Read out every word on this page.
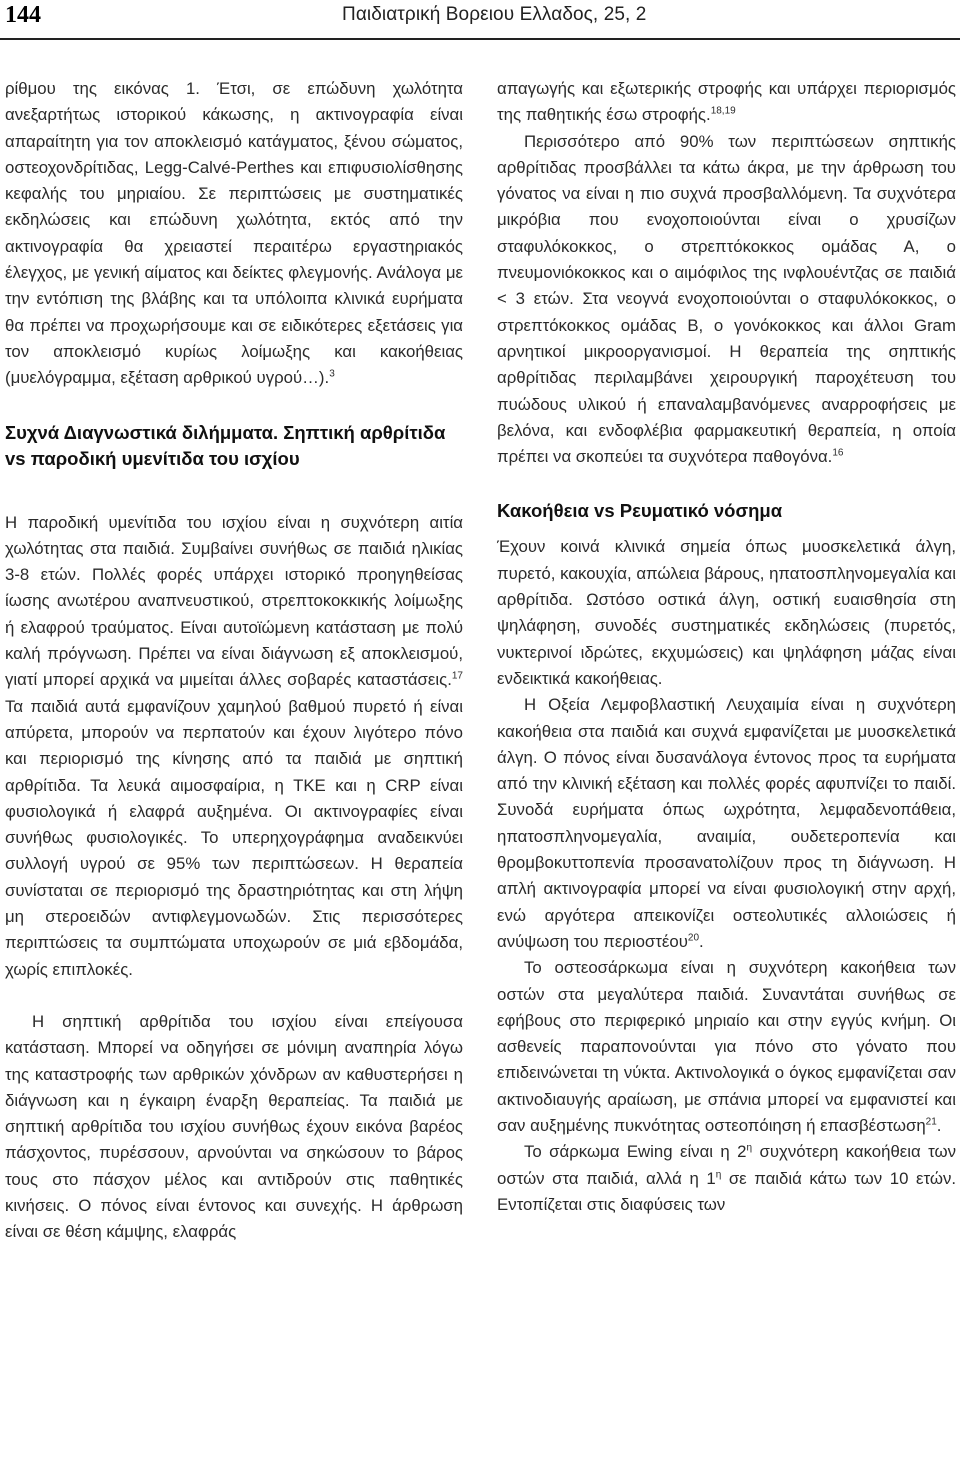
144	Παιδιατρική Βορειου Ελλαδος, 25, 2

ρίθμου της εικόνας 1. Έτσι, σε επώδυνη χωλότητα ανεξαρτήτως ιστορικού κάκωσης, η ακτινογραφία είναι απαραίτητη για τον αποκλεισμό κατάγματος, ξένου σώματος, οστεοχονδρίτιδας, Legg-Calvé-Perthes και επιφυσιολίσθησης κεφαλής του μηριαίου. Σε περιπτώσεις με συστηματικές εκδηλώσεις και επώδυνη χωλότητα, εκτός από την ακτινογραφία θα χρειαστεί περαιτέρω εργαστηριακός έλεγχος, με γενική αίματος και δείκτες φλεγμονής. Ανάλογα με την εντόπιση της βλάβης και τα υπόλοιπα κλινικά ευρήματα θα πρέπει να προχωρήσουμε και σε ειδικότερες εξετάσεις για τον αποκλεισμό κυρίως λοίμωξης και κακοήθειας (μυελόγραμμα, εξέταση αρθρικού υγρού…).$^3$

Συχνά Διαγνωστικά διλήμματα. Σηπτική αρθρίτιδα vs παροδική υμενίτιδα του ισχίου

Η παροδική υμενίτιδα του ισχίου είναι η συχνότερη αιτία χωλότητας στα παιδιά. Συμβαίνει συνήθως σε παιδιά ηλικίας 3-8 ετών. Πολλές φορές υπάρχει ιστορικό προηγηθείσας ίωσης ανωτέρου αναπνευστικού, στρεπτοκοκκικής λοίμωξης ή ελαφρού τραύματος. Είναι αυτοϊώμενη κατάσταση με πολύ καλή πρόγνωση. Πρέπει να είναι διάγνωση εξ αποκλεισμού, γιατί μπορεί αρχικά να μιμείται άλλες σοβαρές καταστάσεις.$^{17}$ Τα παιδιά αυτά εμφανίζουν χαμηλού βαθμού πυρετό ή είναι απύρετα, μπορούν να περπατούν και έχουν λιγότερο πόνο και περιορισμό της κίνησης από τα παιδιά με σηπτική αρθρίτιδα. Τα λευκά αιμοσφαίρια, η ΤΚΕ και η CRP είναι φυσιολογικά ή ελαφρά αυξημένα. Οι ακτινογραφίες είναι συνήθως φυσιολογικές. Το υπερηχογράφημα αναδεικνύει συλλογή υγρού σε 95% των περιπτώσεων. Η θεραπεία συνίσταται σε περιορισμό της δραστηριότητας και στη λήψη μη στεροειδών αντιφλεγμονωδών. Στις περισσότερες περιπτώσεις τα συμπτώματα υποχωρούν σε μιά εβδομάδα, χωρίς επιπλοκές.

Η σηπτική αρθρίτιδα του ισχίου είναι επείγουσα κατάσταση. Μπορεί να οδηγήσει σε μόνιμη αναπηρία λόγω της καταστροφής των αρθρικών χόνδρων αν καθυστερήσει η διάγνωση και η έγκαιρη έναρξη θεραπείας. Τα παιδιά με σηπτική αρθρίτιδα του ισχίου συνήθως έχουν εικόνα βαρέος πάσχοντος, πυρέσσουν, αρνούνται να σηκώσουν το βάρος τους στο πάσχον μέλος και αντιδρούν στις παθητικές κινήσεις. Ο πόνος είναι έντονος και συνεχής. Η άρθρωση είναι σε θέση κάμψης, ελαφράς

απαγωγής και εξωτερικής στροφής και υπάρχει περιορισμός της παθητικής έσω στροφής.$^{18,19}$

Περισσότερο από 90% των περιπτώσεων σηπτικής αρθρίτιδας προσβάλλει τα κάτω άκρα, με την άρθρωση του γόνατος να είναι η πιο συχνά προσβαλλόμενη. Τα συχνότερα μικρόβια που ενοχοποιούνται είναι ο χρυσίζων σταφυλόκοκκος, ο στρεπτόκοκκος ομάδας Α, ο πνευμονιόκοκκος και ο αιμόφιλος της ινφλουέντζας σε παιδιά < 3 ετών. Στα νεογνά ενοχοποιούνται ο σταφυλόκοκκος, ο στρεπτόκοκκος ομάδας Β, ο γονόκοκκος και άλλοι Gram αρνητικοί μικροοργανισμοί. Η θεραπεία της σηπτικής αρθρίτιδας περιλαμβάνει χειρουργική παροχέτευση του πυώδους υλικού ή επαναλαμβανόμενες αναρροφήσεις με βελόνα, και ενδοφλέβια φαρμακευτική θεραπεία, η οποία πρέπει να σκοπεύει τα συχνότερα παθογόνα.$^{16}$

Κακοήθεια vs Ρευματικό νόσημα

Έχουν κοινά κλινικά σημεία όπως μυοσκελετικά άλγη, πυρετό, κακουχία, απώλεια βάρους, ηπατοσπληνομεγαλία και αρθρίτιδα. Ωστόσο οστικά άλγη, οστική ευαισθησία στη ψηλάφηση, συνοδές συστηματικές εκδηλώσεις (πυρετός, νυκτερινοί ιδρώτες, εκχυμώσεις) και ψηλάφηση μάζας είναι ενδεικτικά κακοήθειας.

Η Οξεία Λεμφοβλαστική Λευχαιμία είναι η συχνότερη κακοήθεια στα παιδιά και συχνά εμφανίζεται με μυοσκελετικά άλγη. Ο πόνος είναι δυσανάλογα έντονος προς τα ευρήματα από την κλινική εξέταση και πολλές φορές αφυπνίζει το παιδί. Συνοδά ευρήματα όπως ωχρότητα, λεμφαδενοπάθεια, ηπατοσπληνομεγαλία, αναιμία, ουδετεροπενία και θρομβοκυττοπενία προσανατολίζουν προς τη διάγνωση. Η απλή ακτινογραφία μπορεί να είναι φυσιολογική στην αρχή, ενώ αργότερα απεικονίζει οστεολυτικές αλλοιώσεις ή ανύψωση του περιοστέου$^{20}$.

Το οστεοσάρκωμα είναι η συχνότερη κακοήθεια των οστών στα μεγαλύτερα παιδιά. Συναντάται συνήθως σε εφήβους στο περιφερικό μηριαίο και στην εγγύς κνήμη. Οι ασθενείς παραπονούνται για πόνο στο γόνατο που επιδεινώνεται τη νύκτα. Ακτινολογικά ο όγκος εμφανίζεται σαν ακτινοδιαυγής αραίωση, με σπάνια μπορεί να εμφανιστεί και σαν αυξημένης πυκνότητας οστεοπόιηση ή επασβέστωση$^{21}$.

Το σάρκωμα Ewing είναι η $2^\eta$ συχνότερη κακοήθεια των οστών στα παιδιά, αλλά η $1^\eta$ σε παιδιά κάτω των 10 ετών. Εντοπίζεται στις διαφύσεις των
